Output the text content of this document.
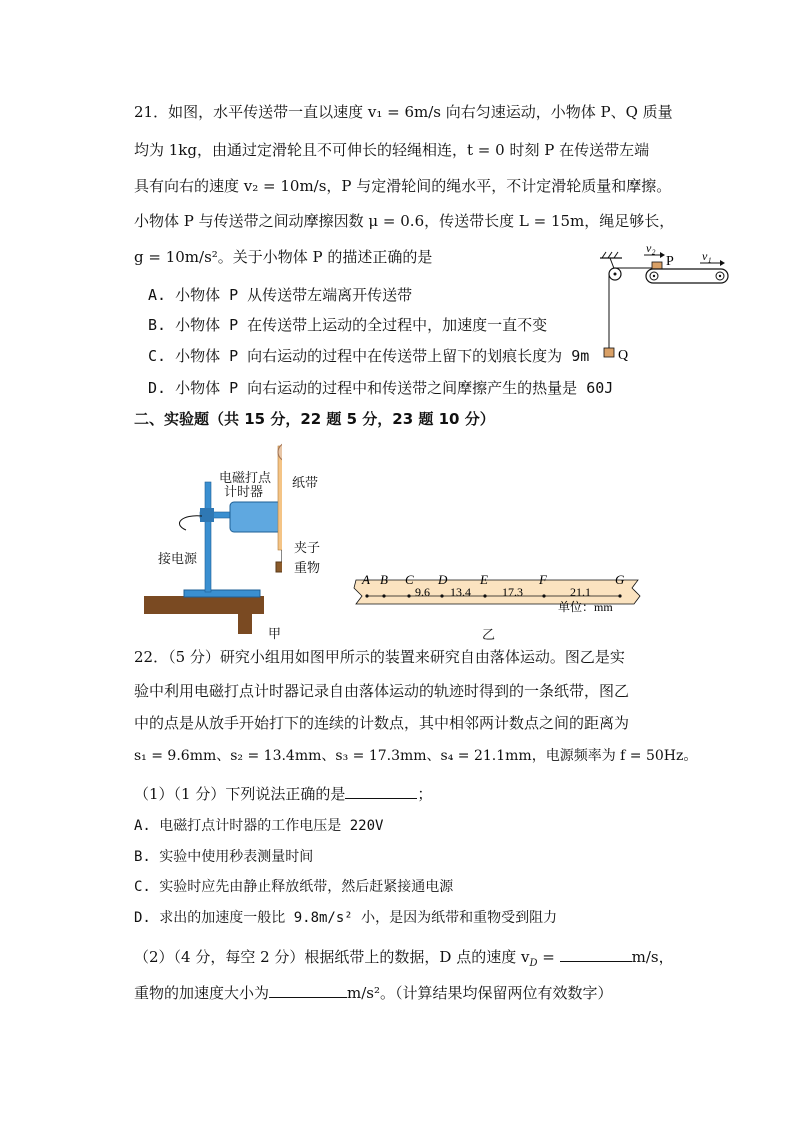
21．如图，水平传送带一直以速度 v₁ = 6m/s 向右匀速运动，小物体 P、Q 质量
均为 1kg，由通过定滑轮且不可伸长的轻绳相连，t = 0 时刻 P 在传送带左端
具有向右的速度 v₂ = 10m/s，P 与定滑轮间的绳水平，不计定滑轮质量和摩擦。
小物体 P 与传送带之间动摩擦因数 μ = 0.6，传送带长度 L = 15m，绳足够长，
g = 10m/s²。关于小物体 P 的描述正确的是
A. 小物体 P 从传送带左端离开传送带
B. 小物体 P 在传送带上运动的全过程中，加速度一直不变
C. 小物体 P 向右运动的过程中在传送带上留下的划痕长度为 9m
D. 小物体 P 向右运动的过程中和传送带之间摩擦产生的热量是 60J
v₂
P v₁
Q
二、实验题（共 15 分，22 题 5 分，23 题 10 分）
电磁打点
计时器
纸带
接电源
夹子
重物
甲
A B C D	E	F	G
9.6 13.4	17.3	21.1
单位：mm
乙
22．（5 分）研究小组用如图甲所示的装置来研究自由落体运动。图乙是实
验中利用电磁打点计时器记录自由落体运动的轨迹时得到的一条纸带，图乙
中的点是从放手开始打下的连续的计数点，其中相邻两计数点之间的距离为
s₁ = 9.6mm、s₂ = 13.4mm、s₃ = 17.3mm、s₄ = 21.1mm，电源频率为 f = 50Hz。
（1）（1 分）下列说法正确的是	；
A. 电磁打点计时器的工作电压是 220V
B. 实验中使用秒表测量时间
C. 实验时应先由静止释放纸带，然后赶紧接通电源
D. 求出的加速度一般比 9.8m/s² 小，是因为纸带和重物受到阻力
（2）（4 分，每空 2 分）根据纸带上的数据，D 点的速度 $v_D$ =	m/s，
重物的加速度大小为	m/s²。（计算结果均保留两位有效数字）
